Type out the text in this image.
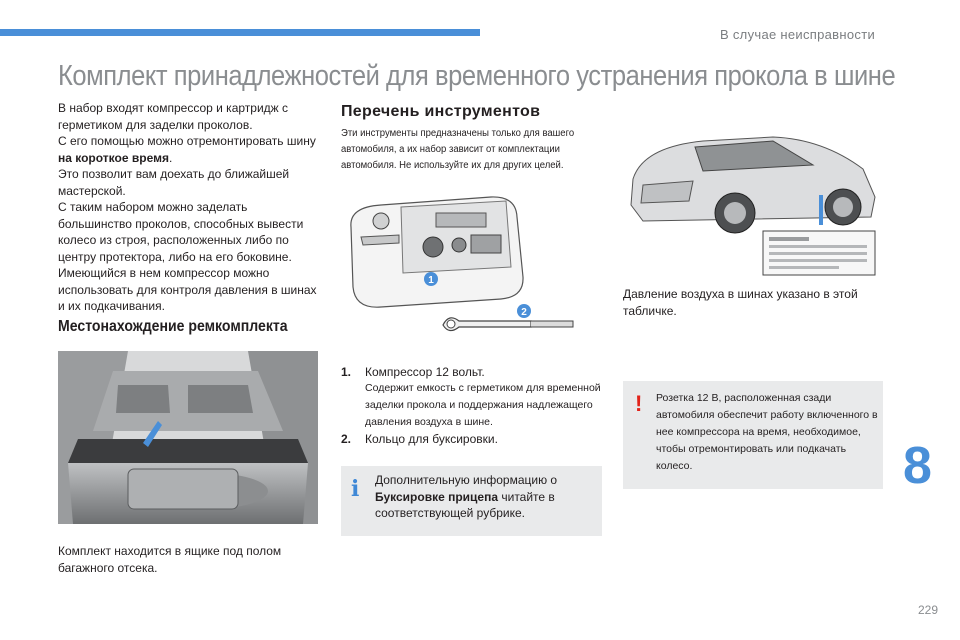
В случае неисправности
Комплект принадлежностей для временного устранения прокола в шине

В набор входят компрессор и картридж с герметиком для заделки проколов.

С его помощью можно отремонтировать шину на короткое время.

Это позволит вам доехать до ближайшей мастерской.

С таким набором можно заделать большинство проколов, способных вывести колесо из строя, расположенных либо по центру протектора, либо на его боковине.

Имеющийся в нем компрессор можно использовать для контроля давления в шинах и их подкачивания.

Местонахождение ремкомплекта
Комплект находится в ящике под полом багажного отсека.
Перечень инструментов

Эти инструменты предназначены только для вашего автомобиля, а их набор зависит от комплектации автомобиля. Не используйте их для других целей.

1
2
1.	Компрессор 12 вольт.
Содержит емкость с герметиком для временной заделки прокола и поддержания надлежащего давления воздуха в шине.
2.	Кольцо для буксировки.
i Дополнительную информацию о Буксировке прицепа читайте в соответствующей рубрике.

Давление воздуха в шинах указано в этой табличке.
! Розетка 12 В, расположенная сзади автомобиля обеспечит работу включенного в нее компрессора на время, необходимое, чтобы отремонтировать или подкачать колесо.	8
229
